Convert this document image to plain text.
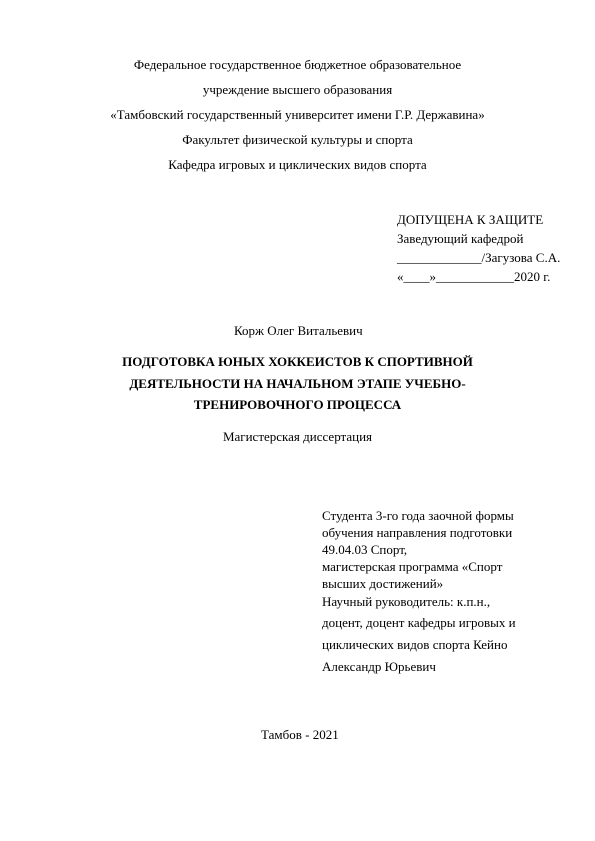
Федеральное государственное бюджетное образовательное
учреждение высшего образования
«Тамбовский государственный университет имени Г.Р. Державина»
Факультет физической культуры и спорта
Кафедра игровых и циклических видов спорта
ДОПУЩЕНА К ЗАЩИТЕ
Заведующий кафедрой
_____________/Загузова С.А.
«____»____________2020 г.
Корж Олег Витальевич
ПОДГОТОВКА ЮНЫХ ХОККЕИСТОВ К СПОРТИВНОЙ
ДЕЯТЕЛЬНОСТИ НА НАЧАЛЬНОМ ЭТАПЕ УЧЕБНО-
ТРЕНИРОВОЧНОГО ПРОЦЕССА
Магистерская диссертация
Студента 3-го года заочной формы
обучения направления подготовки
49.04.03 Спорт,
магистерская программа «Спорт
высших достижений»
Научный руководитель: к.п.н.,
доцент, доцент кафедры игровых и
циклических видов спорта Кейно
Александр Юрьевич
Тамбов - 2021
